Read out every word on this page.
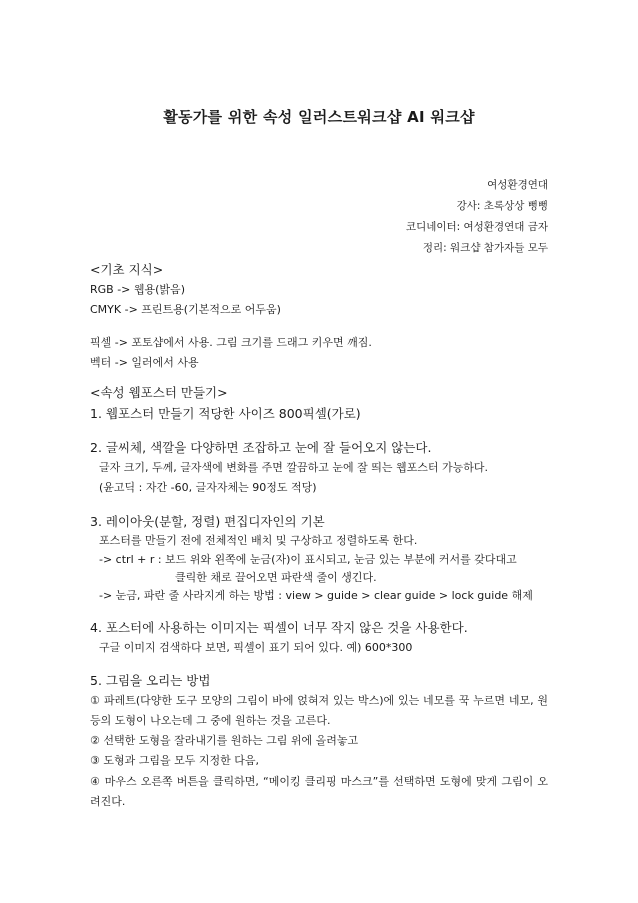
활동가를 위한 속성 일러스트워크샵 AI 워크샵
여성환경연대
강사: 초록상상 뻥뻥
코디네이터: 여성환경연대 금자
정리: 워크샵 참가자들 모두
<기초 지식>
RGB -> 웹용(밝음)
CMYK -> 프린트용(기본적으로 어두움)
픽셀 -> 포토샵에서 사용. 그림 크기를 드래그 키우면 깨짐.
벡터 -> 일러에서 사용
<속성 웹포스터 만들기>
1. 웹포스터 만들기 적당한 사이즈 800픽셀(가로)
2. 글씨체, 색깔을 다양하면 조잡하고 눈에 잘 들어오지 않는다.
글자 크기, 두께, 글자색에 변화를 주면 깔끔하고 눈에 잘 띄는 웹포스터 가능하다.
(윤고딕 : 자간 -60, 글자자체는 90정도 적당)
3. 레이아웃(분할, 정렬) 편집디자인의 기본
포스터를 만들기 전에 전체적인 배치 및 구상하고 정렬하도록 한다.
-> ctrl + r : 보드 위와 왼쪽에 눈금(자)이 표시되고, 눈금 있는 부분에 커서를 갖다대고
클릭한 채로 끌어오면 파란색 줄이 생긴다.
-> 눈금, 파란 줄 사라지게 하는 방법 : view > guide > clear guide > lock guide 해제
4. 포스터에 사용하는 이미지는 픽셀이 너무 작지 않은 것을 사용한다.
구글 이미지 검색하다 보면, 픽셀이 표기 되어 있다. 예) 600*300
5. 그림을 오리는 방법
① 파레트(다양한 도구 모양의 그림이 바에 얹혀져 있는 박스)에 있는 네모를 꾹 누르면 네모, 원
등의 도형이 나오는데 그 중에 원하는 것을 고른다.
② 선택한 도형을 잘라내기를 원하는 그림 위에 올려놓고
③ 도형과 그림을 모두 지정한 다음,
④ 마우스 오른쪽 버튼을 클릭하면, “메이킹 클리핑 마스크”를 선택하면 도형에 맞게 그림이 오
려진다.
